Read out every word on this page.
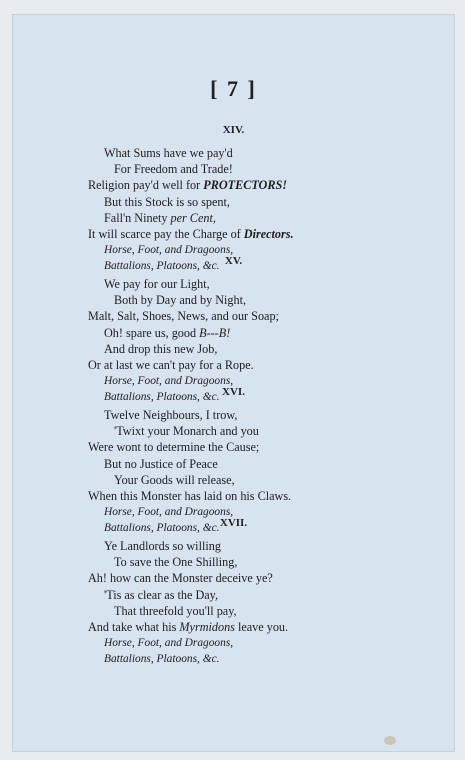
[ 7 ]
XIV.
What Sums have we pay'd
For Freedom and Trade!
Religion pay'd well for PROTECTORS!
But this Stock is so spent,
Fall'n Ninety per Cent,
It will scarce pay the Charge of Directors.
Horse, Foot, and Dragoons,
Battalions, Platoons, &c. XV.
We pay for our Light,
Both by Day and by Night,
Malt, Salt, Shoes, News, and our Soap;
Oh! spare us, good B---B!
And drop this new Job,
Or at last we can't pay for a Rope.
Horse, Foot, and Dragoons,
Battalions, Platoons, &c. XVI.
Twelve Neighbours, I trow,
'Twixt your Monarch and you
Were wont to determine the Cause;
But no Justice of Peace
Your Goods will release,
When this Monster has laid on his Claws.
Horse, Foot, and Dragoons,
Battalions, Platoons, &c. XVII.
Ye Landlords so willing
To save the One Shilling,
Ah! how can the Monster deceive ye?
'Tis as clear as the Day,
That threefold you'll pay,
And take what his Myrmidons leave you.
Horse, Foot, and Dragoons,
Battalions, Platoons, &c.
